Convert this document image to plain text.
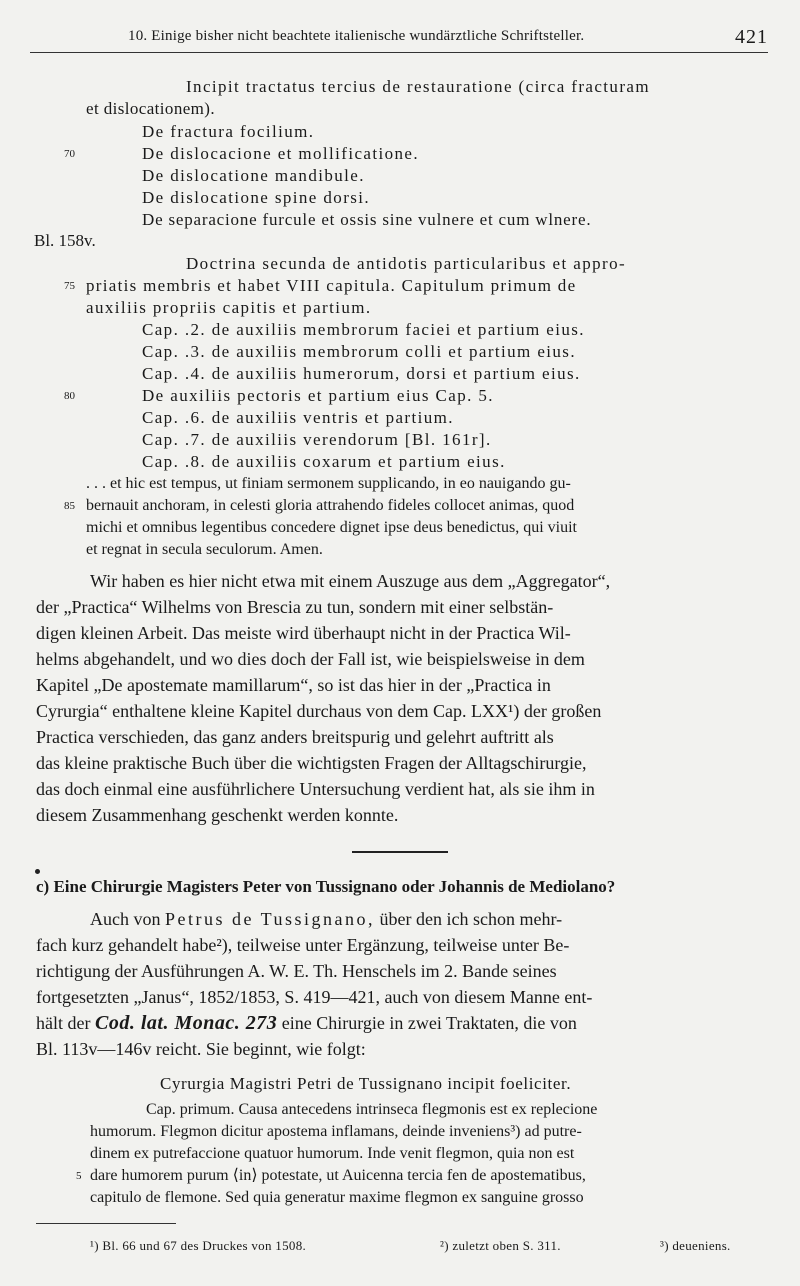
10. Einige bisher nicht beachtete italienische wundärztliche Schriftsteller.	421
Incipit tractatus tercius de restauratione (circa fracturam
et dislocationem).
De fractura focilium.
70	De dislocacione et mollificatione.
De dislocatione mandibule.
De dislocatione spine dorsi.
De separacione furcule et ossis sine vulnere et cum wlnere.
Bl. 158v.
Doctrina secunda de antidotis particularibus et appro-
75 priatis membris et habet VIII capitula. Capitulum primum de
auxiliis propriis capitis et partium.
Cap. .2. de auxiliis membrorum faciei et partium eius.
Cap. .3. de auxiliis membrorum colli et partium eius.
Cap. .4. de auxiliis humerorum, dorsi et partium eius.
80	De auxiliis pectoris et partium eius Cap. 5.
Cap. .6. de auxiliis ventris et partium.
Cap. .7. de auxiliis verendorum [Bl. 161r].
Cap. .8. de auxiliis coxarum et partium eius.
. . . et hic est tempus, ut finiam sermonem supplicando, in eo nauigando gu-
85 bernauit anchoram, in celesti gloria attrahendo fideles collocet animas, quod
michi et omnibus legentibus concedere dignet ipse deus benedictus, qui viuit
et regnat in secula seculorum. Amen.
Wir haben es hier nicht etwa mit einem Auszuge aus dem „Aggregator“,
der „Practica“ Wilhelms von Brescia zu tun, sondern mit einer selbstän-
digen kleinen Arbeit. Das meiste wird überhaupt nicht in der Practica Wil-
helms abgehandelt, und wo dies doch der Fall ist, wie beispielsweise in dem
Kapitel „De apostemate mamillarum“, so ist das hier in der „Practica in
Cyrurgia“ enthaltene kleine Kapitel durchaus von dem Cap. LXX¹) der großen
Practica verschieden, das ganz anders breitspurig und gelehrt auftritt als
das kleine praktische Buch über die wichtigsten Fragen der Alltagschirurgie,
das doch einmal eine ausführlichere Untersuchung verdient hat, als sie ihm in
diesem Zusammenhang geschenkt werden konnte.
c) Eine Chirurgie Magisters Peter von Tussignano oder Johannis de Mediolano?
Auch von Petrus de Tussignano, über den ich schon mehr-
fach kurz gehandelt habe²), teilweise unter Ergänzung, teilweise unter Be-
richtigung der Ausführungen A. W. E. Th. Henschels im 2. Bande seines
fortgesetzten „Janus“, 1852/1853, S. 419—421, auch von diesem Manne ent-
hält der Cod. lat. Monac. 273 eine Chirurgie in zwei Traktaten, die von
Bl. 113v—146v reicht. Sie beginnt, wie folgt:
Cyrurgia Magistri Petri de Tussignano incipit foeliciter.
Cap. primum. Causa antecedens intrinseca flegmonis est ex replecione
humorum. Flegmon dicitur apostema inflamans, deinde inveniens³) ad putre-
dinem ex putrefaccione quatuor humorum. Inde venit flegmon, quia non est
5 dare humorem purum ⟨in⟩ potestate, ut Auicenna tercia fen de apostematibus,
capitulo de flemone. Sed quia generatur maxime flegmon ex sanguine grosso
¹) Bl. 66 und 67 des Druckes von 1508.	²) zuletzt oben S. 311.	³) deueniens.
